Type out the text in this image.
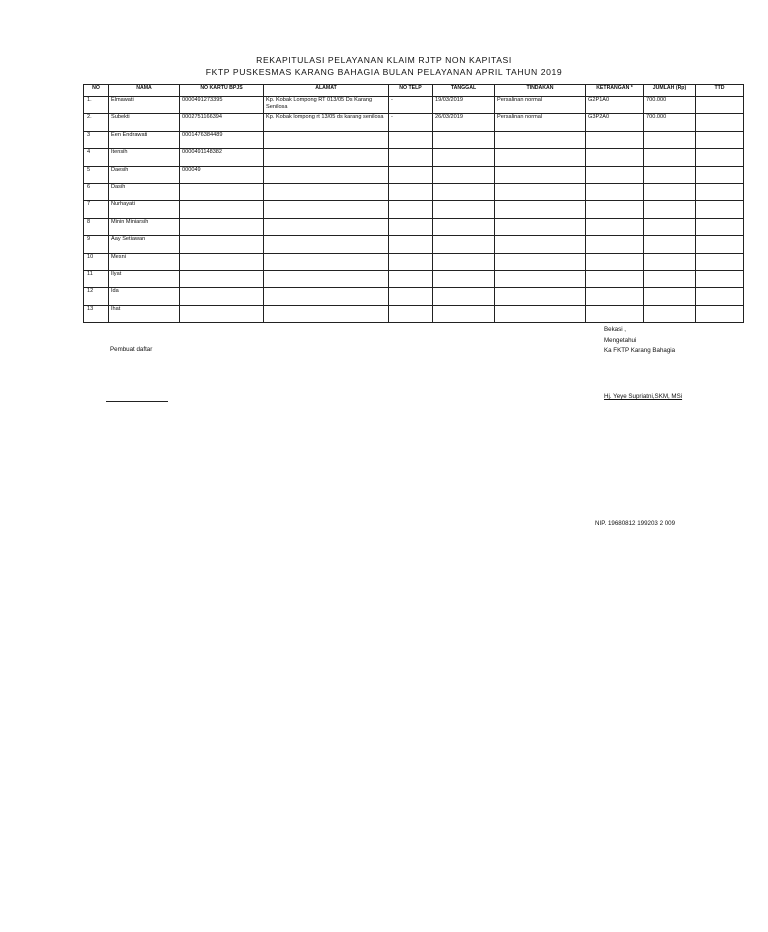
REKAPITULASI PELAYANAN KLAIM RJTP NON KAPITASI
FKTP PUSKESMAS KARANG BAHAGIA BULAN PELAYANAN APRIL TAHUN 2019
NO	NAMA	NO KARTU BPJS	ALAMAT	NO TELP	TANGGAL	TINDAKAN	KETRANGAN *	JUMLAH (Rp)	TTD
1.	Elmawati	0000491273395	Kp. Kobak Lompong RT 013/05 Ds Karang Senilosa	-	19/03/2019	Persalinan normal	G2P1A0	700.000	
2.	Subekti	0002751166394	Kp. Kobak lompong rt 13/05 ds karang senilosa	-	26/03/2019	Persalinan normal	G3P2A0	700.000	
3	Een Endrawati	0001476384489							
4	Itensih	0000491148382							
5	Daesih	000049							
6	Dasih								
7	Nurhayati								
8	Minin Miniarsih								
9	Aay Setiawan								
10	Mesni								
11	Ilyat								
12	Ida								
13	Ihat								
Pembuat daftar
Bekasi ,
Mengetahui
Ka FKTP Karang Bahagia
Hj. Yeye Supriatni,SKM, MSi
NIP. 19680812 199203 2 009
